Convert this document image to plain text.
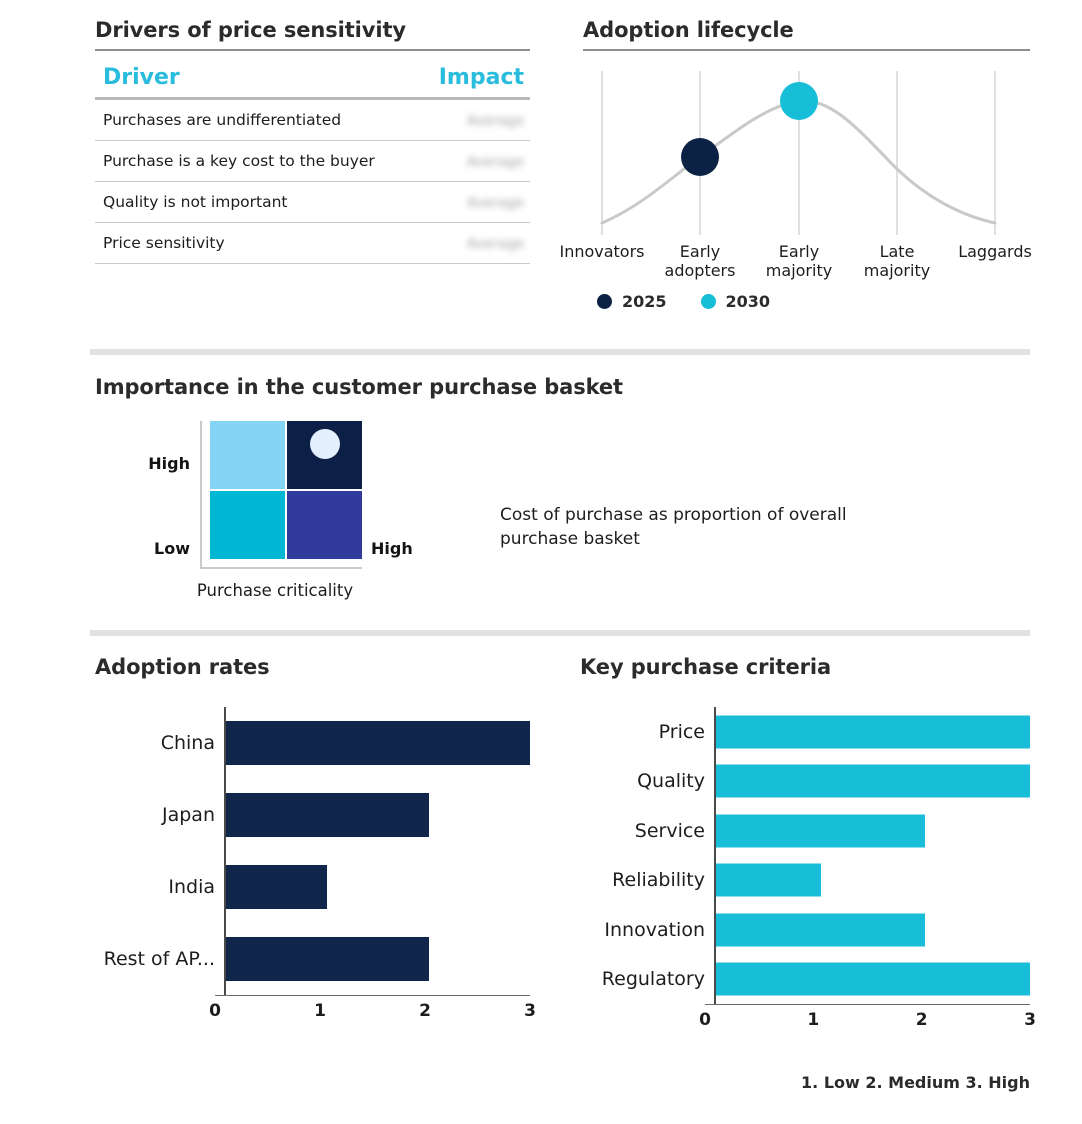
Drivers of price sensitivity
Driver	Impact
Purchases are undifferentiated	Average
Purchase is a key cost to the buyer	Average
Quality is not important	Average
Price sensitivity	Average
Adoption lifecycle
Innovators	Early
adopters
Early
majority
Late
majority
Laggards
2025	2030
Importance in the customer purchase basket
High
Low	High
Purchase criticality
Cost of purchase as proportion of overall purchase basket
Adoption rates
China
Japan
India
Rest of AP...
0	1	2	3
Key purchase criteria
Price
Quality
Service
Reliability
Innovation
Regulatory
0	1	2	3
1. Low 2. Medium 3. High
